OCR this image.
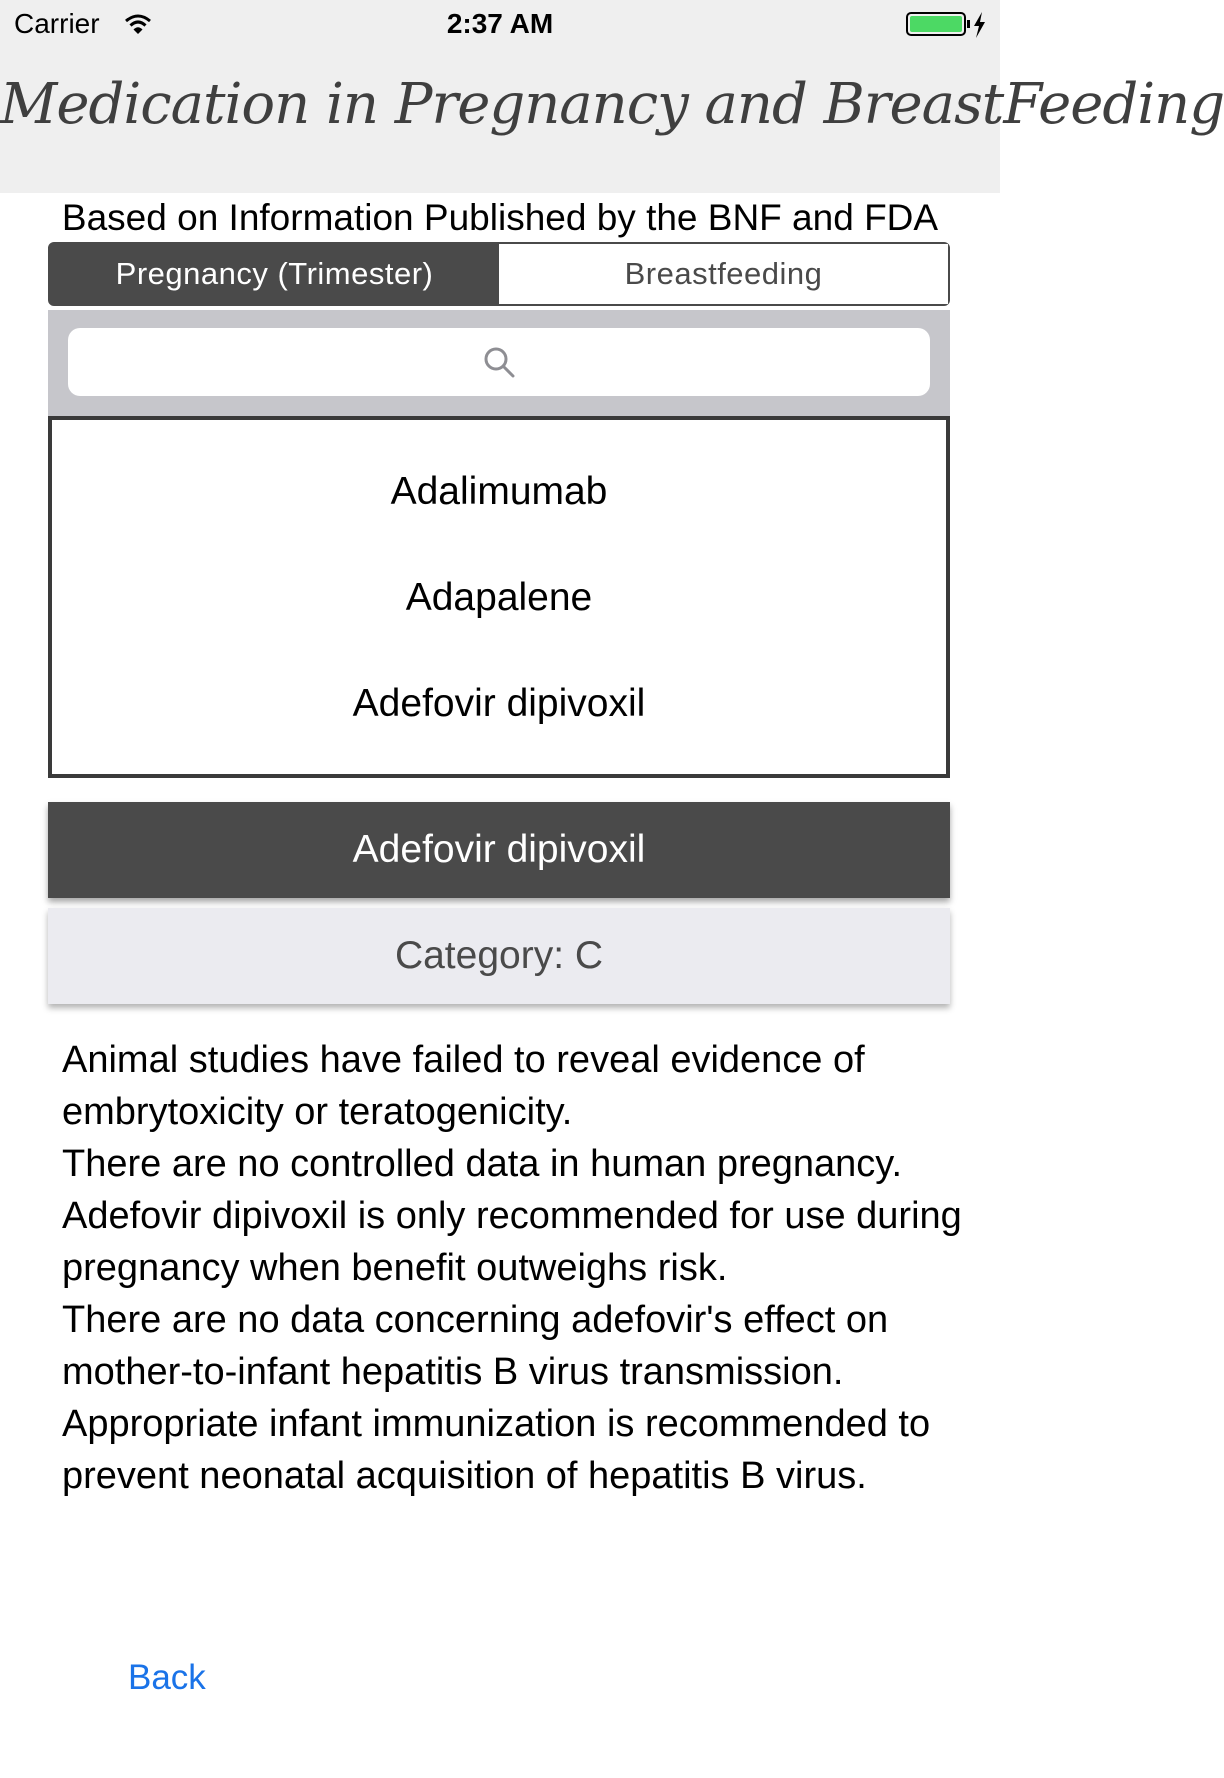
Carrier	2:37 AM
Medication in Pregnancy and BreastFeeding
Based on Information Published by the BNF and FDA
Pregnancy (Trimester)	Breastfeeding
Adalimumab
Adapalene
Adefovir dipivoxil
Adefovir dipivoxil
Category: C

Animal studies have failed to reveal evidence of embrytoxicity or teratogenicity.

There are no controlled data in human pregnancy.

Adefovir dipivoxil is only recommended for use during pregnancy when benefit outweighs risk.

There are no data concerning adefovir's effect on mother-to-infant hepatitis B virus transmission.

Appropriate infant immunization is recommended to prevent neonatal acquisition of hepatitis B virus.

Back
